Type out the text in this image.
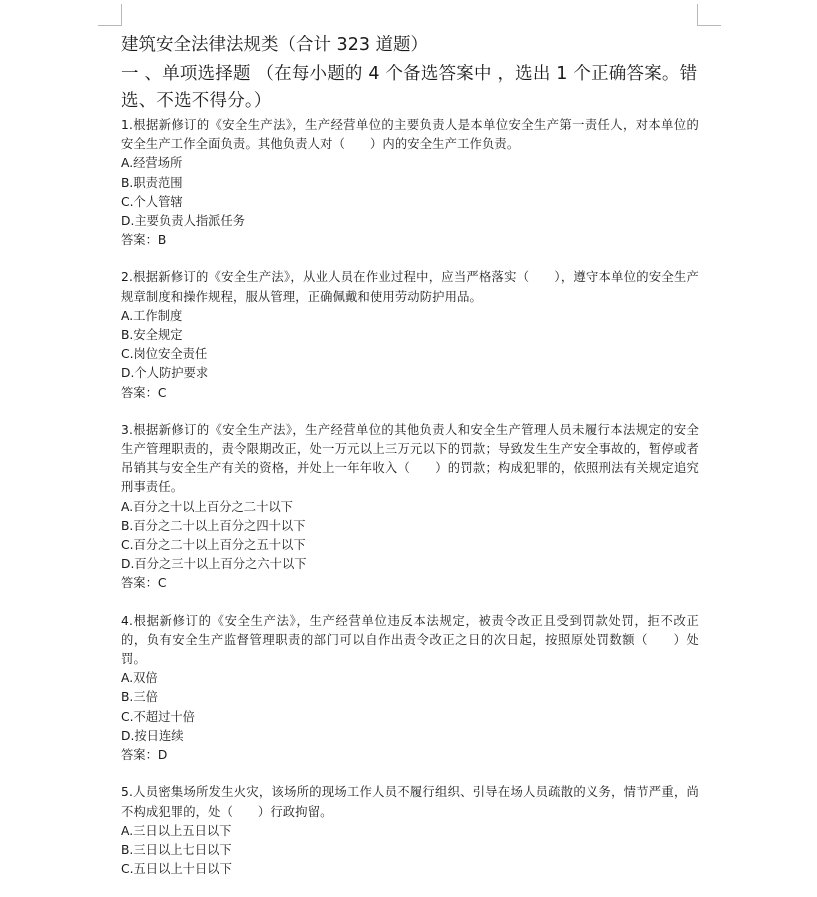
建筑安全法律法规类（合计 323 道题）
一 、单项选择题 （在每小题的 4 个备选答案中 ，选出 1 个正确答案。错选、不选不得分。）
1.根据新修订的《安全生产法》，生产经营单位的主要负责人是本单位安全生产第一责任人，对本单位的安全生产工作全面负责。其他负责人对（　　）内的安全生产工作负责。
A.经营场所
B.职责范围
C.个人管辖
D.主要负责人指派任务
答案：B
2.根据新修订的《安全生产法》，从业人员在作业过程中，应当严格落实（　　），遵守本单位的安全生产规章制度和操作规程，服从管理，正确佩戴和使用劳动防护用品。
A.工作制度
B.安全规定
C.岗位安全责任
D.个人防护要求
答案：C
3.根据新修订的《安全生产法》，生产经营单位的其他负责人和安全生产管理人员未履行本法规定的安全生产管理职责的，责令限期改正，处一万元以上三万元以下的罚款；导致发生生产安全事故的，暂停或者吊销其与安全生产有关的资格，并处上一年年收入（　　）的罚款；构成犯罪的，依照刑法有关规定追究刑事责任。
A.百分之十以上百分之二十以下
B.百分之二十以上百分之四十以下
C.百分之二十以上百分之五十以下
D.百分之三十以上百分之六十以下
答案：C
4.根据新修订的《安全生产法》，生产经营单位违反本法规定，被责令改正且受到罚款处罚，拒不改正的，负有安全生产监督管理职责的部门可以自作出责令改正之日的次日起，按照原处罚数额（　　）处罚。
A.双倍
B.三倍
C.不超过十倍
D.按日连续
答案：D
5.人员密集场所发生火灾，该场所的现场工作人员不履行组织、引导在场人员疏散的义务，情节严重，尚不构成犯罪的，处（　　）行政拘留。
A.三日以上五日以下
B.三日以上七日以下
C.五日以上十日以下
